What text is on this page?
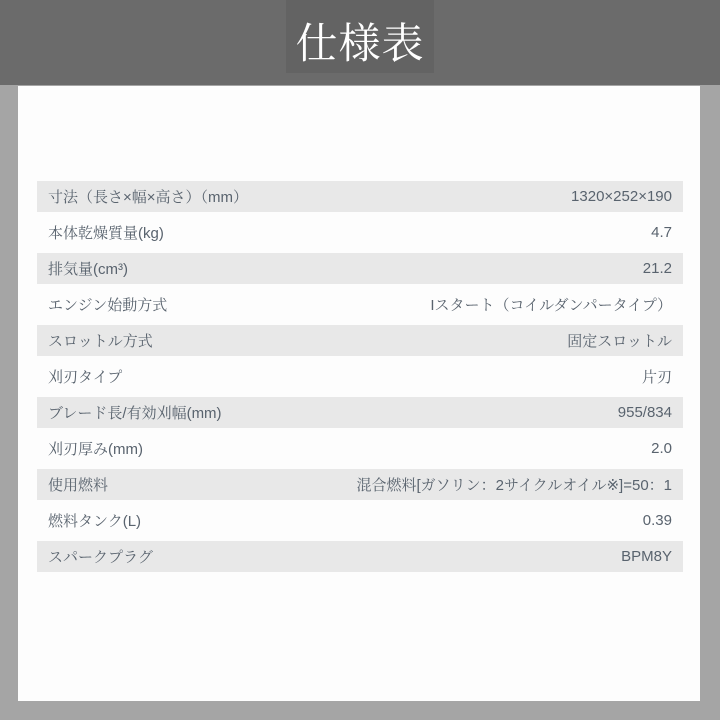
仕様表
寸法（長さ×幅×高さ）（mm）	1320×252×190
本体乾燥質量(kg)	4.7
排気量(cm³)	21.2
エンジン始動方式	Iスタート（コイルダンパータイプ）
スロットル方式	固定スロットル
刈刃タイプ	片刃
ブレード長/有効刈幅(mm)	955/834
刈刃厚み(mm)	2.0
使用燃料	混合燃料[ガソリン：2サイクルオイル※]=50：1
燃料タンク(L)	0.39
スパークプラグ	BPM8Y
